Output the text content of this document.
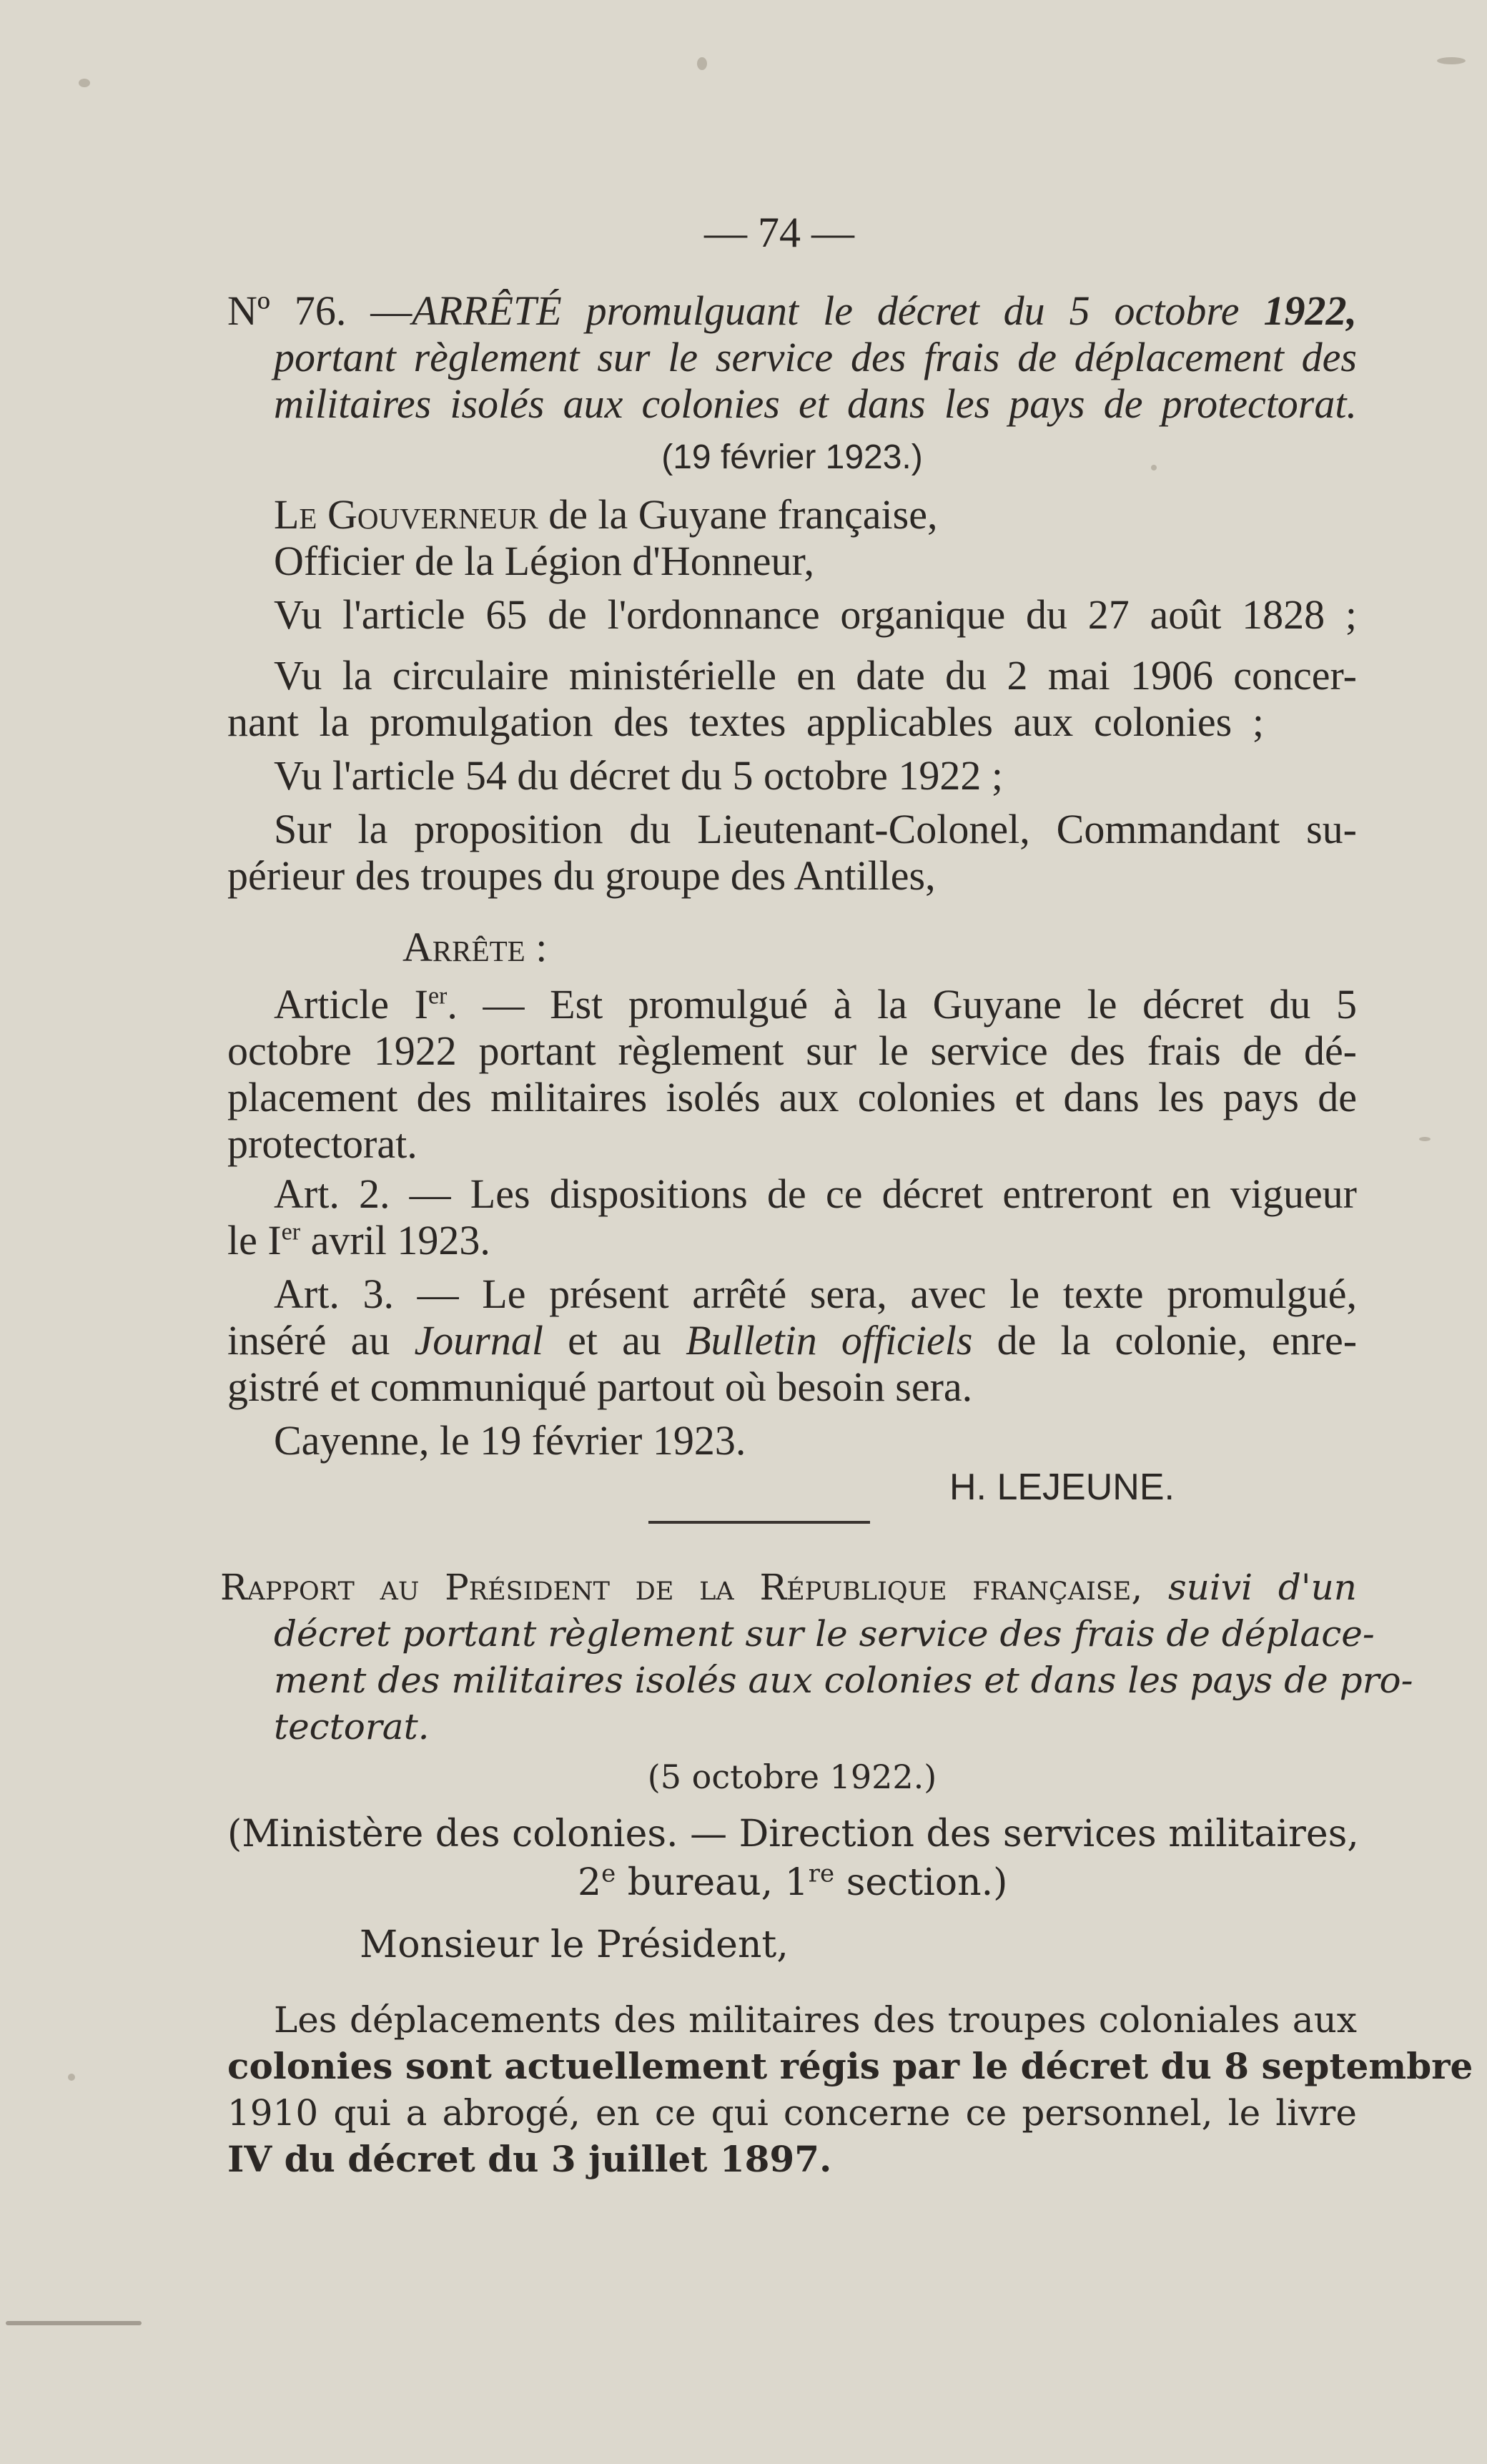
— 74 —
Nº 76. —ARRÊTÉ promulguant le décret du 5 octobre 1922,
portant règlement sur le service des frais de déplacement des
militaires isolés aux colonies et dans les pays de protectorat.
(19 février 1923.)
Le Gouverneur de la Guyane française,
Officier de la Légion d'Honneur,
Vu l'article 65 de l'ordonnance organique du 27 août 1828 ;
Vu la circulaire ministérielle en date du 2 mai 1906 concer-
nant la promulgation des textes applicables aux colonies ;
Vu l'article 54 du décret du 5 octobre 1922 ;
Sur la proposition du Lieutenant-Colonel, Commandant su-
périeur des troupes du groupe des Antilles,
Arrête :
Article Ier. — Est promulgué à la Guyane le décret du 5
octobre 1922 portant règlement sur le service des frais de dé-
placement des militaires isolés aux colonies et dans les pays de
protectorat.
Art. 2. — Les dispositions de ce décret entreront en vigueur
le Ier avril 1923.
Art. 3. — Le présent arrêté sera, avec le texte promulgué,
inséré au Journal et au Bulletin officiels de la colonie, enre-
gistré et communiqué partout où besoin sera.
Cayenne, le 19 février 1923.
H. LEJEUNE.
Rapport au Président de la République française, suivi d'un
décret portant règlement sur le service des frais de déplace-
ment des militaires isolés aux colonies et dans les pays de pro-
tectorat.
(5 octobre 1922.)
(Ministère des colonies. — Direction des services militaires,
2e bureau, 1re section.)
Monsieur le Président,
Les déplacements des militaires des troupes coloniales aux
colonies sont actuellement régis par le décret du 8 septembre
1910 qui a abrogé, en ce qui concerne ce personnel, le livre
IV du décret du 3 juillet 1897.
